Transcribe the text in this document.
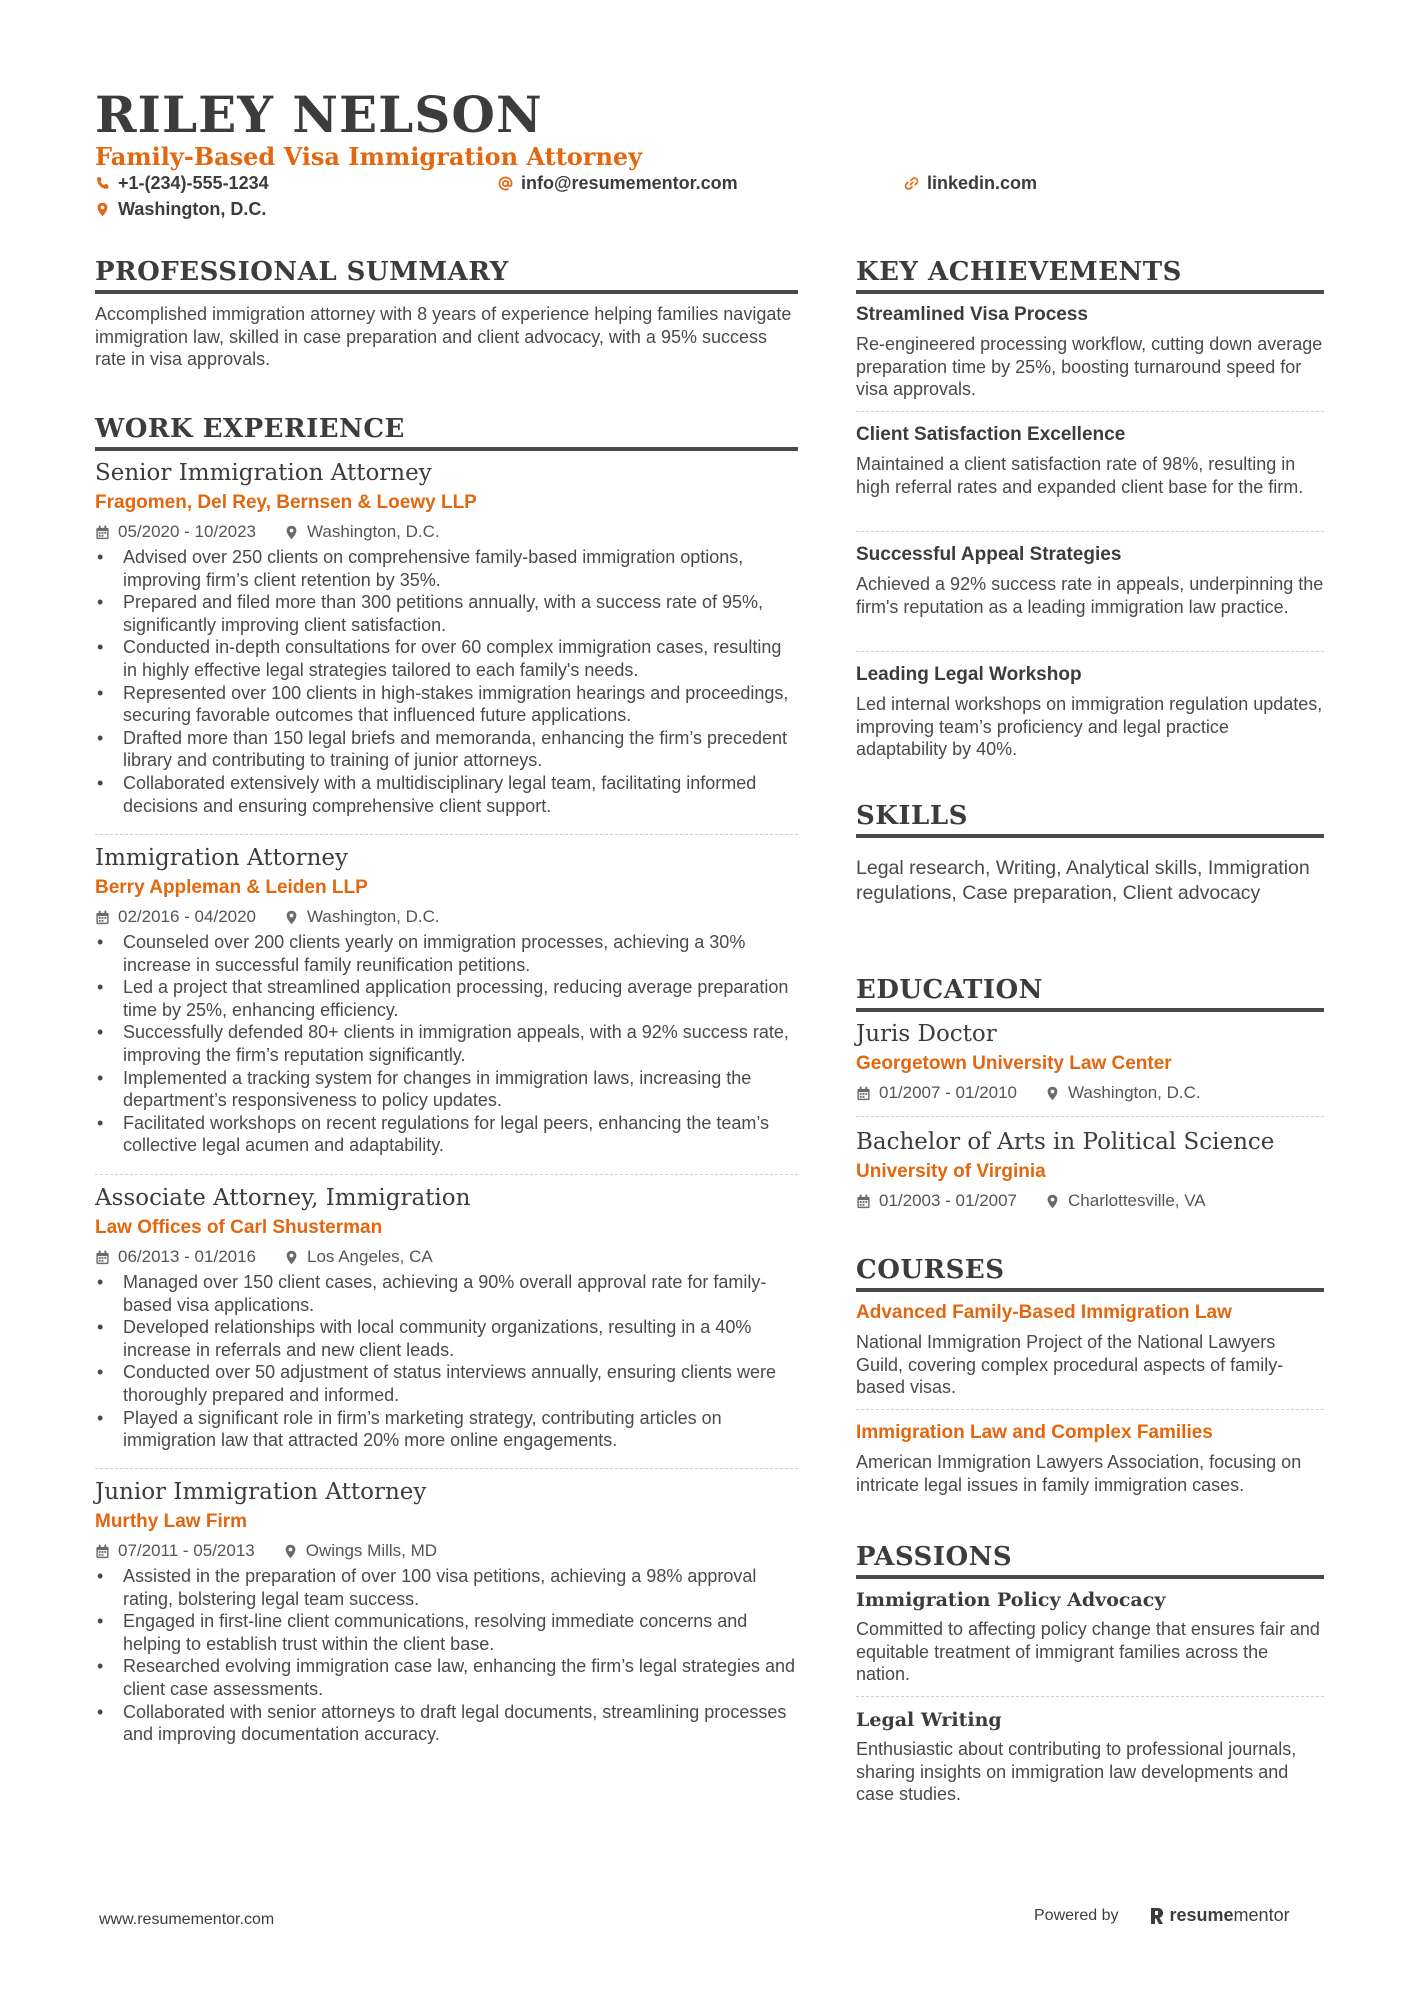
RILEY NELSON
Family-Based Visa Immigration Attorney
+1-(234)-555-1234	info@resumementor.com	linkedin.com
Washington, D.C.
PROFESSIONAL SUMMARY
Accomplished immigration attorney with 8 years of experience helping families navigate immigration law, skilled in case preparation and client advocacy, with a 95% success rate in visa approvals.
WORK EXPERIENCE
Senior Immigration Attorney
Fragomen, Del Rey, Bernsen & Loewy LLP
05/2020 - 10/2023	Washington, D.C.
• Advised over 250 clients on comprehensive family-based immigration options, improving firm’s client retention by 35%.
• Prepared and filed more than 300 petitions annually, with a success rate of 95%, significantly improving client satisfaction.
• Conducted in-depth consultations for over 60 complex immigration cases, resulting in highly effective legal strategies tailored to each family's needs.
• Represented over 100 clients in high-stakes immigration hearings and proceedings, securing favorable outcomes that influenced future applications.
• Drafted more than 150 legal briefs and memoranda, enhancing the firm’s precedent library and contributing to training of junior attorneys.
• Collaborated extensively with a multidisciplinary legal team, facilitating informed decisions and ensuring comprehensive client support.
Immigration Attorney
Berry Appleman & Leiden LLP
02/2016 - 04/2020	Washington, D.C.
• Counseled over 200 clients yearly on immigration processes, achieving a 30% increase in successful family reunification petitions.
• Led a project that streamlined application processing, reducing average preparation time by 25%, enhancing efficiency.
• Successfully defended 80+ clients in immigration appeals, with a 92% success rate, improving the firm’s reputation significantly.
• Implemented a tracking system for changes in immigration laws, increasing the department’s responsiveness to policy updates.
• Facilitated workshops on recent regulations for legal peers, enhancing the team’s collective legal acumen and adaptability.
Associate Attorney, Immigration
Law Offices of Carl Shusterman
06/2013 - 01/2016	Los Angeles, CA
• Managed over 150 client cases, achieving a 90% overall approval rate for family-based visa applications.
• Developed relationships with local community organizations, resulting in a 40% increase in referrals and new client leads.
• Conducted over 50 adjustment of status interviews annually, ensuring clients were thoroughly prepared and informed.
• Played a significant role in firm’s marketing strategy, contributing articles on immigration law that attracted 20% more online engagements.
Junior Immigration Attorney
Murthy Law Firm
07/2011 - 05/2013	Owings Mills, MD
• Assisted in the preparation of over 100 visa petitions, achieving a 98% approval rating, bolstering legal team success.
• Engaged in first-line client communications, resolving immediate concerns and helping to establish trust within the client base.
• Researched evolving immigration case law, enhancing the firm’s legal strategies and client case assessments.
• Collaborated with senior attorneys to draft legal documents, streamlining processes and improving documentation accuracy.
KEY ACHIEVEMENTS
Streamlined Visa Process
Re-engineered processing workflow, cutting down average preparation time by 25%, boosting turnaround speed for visa approvals.
Client Satisfaction Excellence
Maintained a client satisfaction rate of 98%, resulting in high referral rates and expanded client base for the firm.
Successful Appeal Strategies
Achieved a 92% success rate in appeals, underpinning the firm's reputation as a leading immigration law practice.
Leading Legal Workshop
Led internal workshops on immigration regulation updates, improving team’s proficiency and legal practice adaptability by 40%.
SKILLS
Legal research, Writing, Analytical skills, Immigration regulations, Case preparation, Client advocacy
EDUCATION
Juris Doctor
Georgetown University Law Center
01/2007 - 01/2010	Washington, D.C.
Bachelor of Arts in Political Science
University of Virginia
01/2003 - 01/2007	Charlottesville, VA
COURSES
Advanced Family-Based Immigration Law
National Immigration Project of the National Lawyers Guild, covering complex procedural aspects of family-based visas.
Immigration Law and Complex Families
American Immigration Lawyers Association, focusing on intricate legal issues in family immigration cases.
PASSIONS
Immigration Policy Advocacy
Committed to affecting policy change that ensures fair and equitable treatment of immigrant families across the nation.
Legal Writing
Enthusiastic about contributing to professional journals, sharing insights on immigration law developments and case studies.
www.resumementor.com	Powered by	resume mentor
